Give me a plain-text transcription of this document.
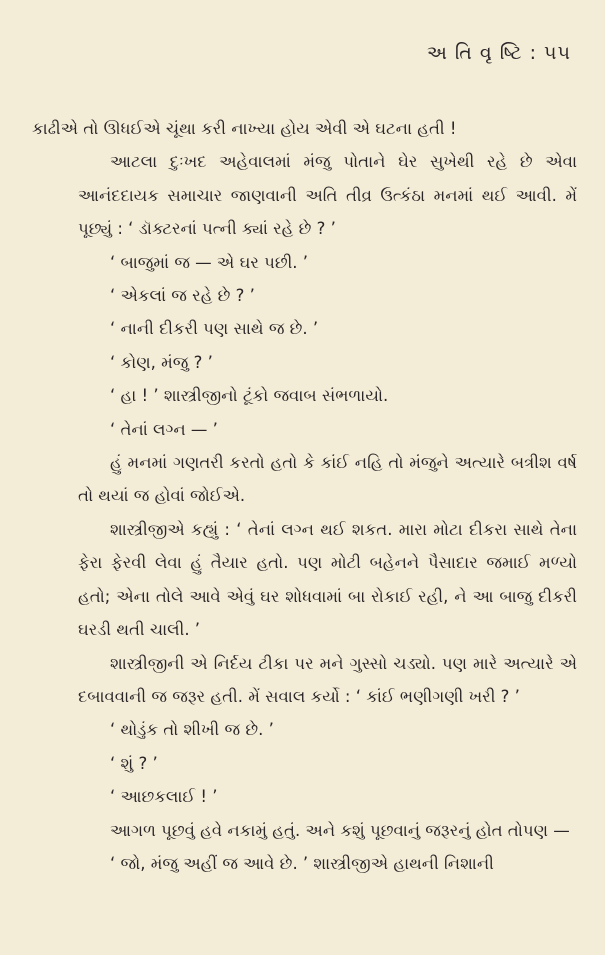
અ તિ વૃ ષ્ટિ : ૫૫

કાઢીએ તો ઊધઈએ ચૂંથા કરી નાખ્યા હોય એવી એ ઘટના હતી !

આટલા દુઃખદ અહેવાલમાં મંજુ પોતાને ઘેર સુખેથી રહે છે એવા આનંદદાયક સમાચાર જાણવાની અતિ તીવ્ર ઉત્કંઠા મનમાં થઈ આવી. મેં પૂછ્યું : ‘ ડૉક્ટરનાં પત્ની ક્યાં રહે છે ? ’

‘ બાજુમાં જ — એ ઘર પછી. ’

‘ એકલાં જ રહે છે ? ’

‘ નાની દીકરી પણ સાથે જ છે. ’

‘ કોણ, મંજુ ? ’

‘ હા ! ’ શાસ્ત્રીજીનો ટૂંકો જવાબ સંભળાયો.

‘ તેનાં લગ્ન — ’

હું મનમાં ગણતરી કરતો હતો કે કાંઈ નહિ તો મંજુને અત્યારે બત્રીશ વર્ષ તો થયાં જ હોવાં જોઈએ.

શાસ્ત્રીજીએ કહ્યું : ‘ તેનાં લગ્ન થઈ શકત. મારા મોટા દીકરા સાથે તેના ફેરા ફેરવી લેવા હું તૈયાર હતો. પણ મોટી બહેનને પૈસાદાર જમાઈ મળ્યો હતો; એના તોલે આવે એવું ઘર શોધવામાં બા રોકાઈ રહી, ને આ બાજુ દીકરી ઘરડી થતી ચાલી. ’

શાસ્ત્રીજીની એ નિર્દય ટીકા પર મને ગુસ્સો ચડ્યો. પણ મારે અત્યારે એ દબાવવાની જ જરૂર હતી. મેં સવાલ કર્યો : ‘ કાંઈ ભણીગણી ખરી ? ’

‘ થોડુંક તો શીખી જ છે. ’

‘ શું ? ’

‘ આછકલાઈ ! ’

આગળ પૂછવું હવે નકામું હતું. અને કશું પૂછવાનું જરૂરનું હોત તોપણ —

‘ જો, મંજુ અહીં જ આવે છે. ’ શાસ્ત્રીજીએ હાથની નિશાની
